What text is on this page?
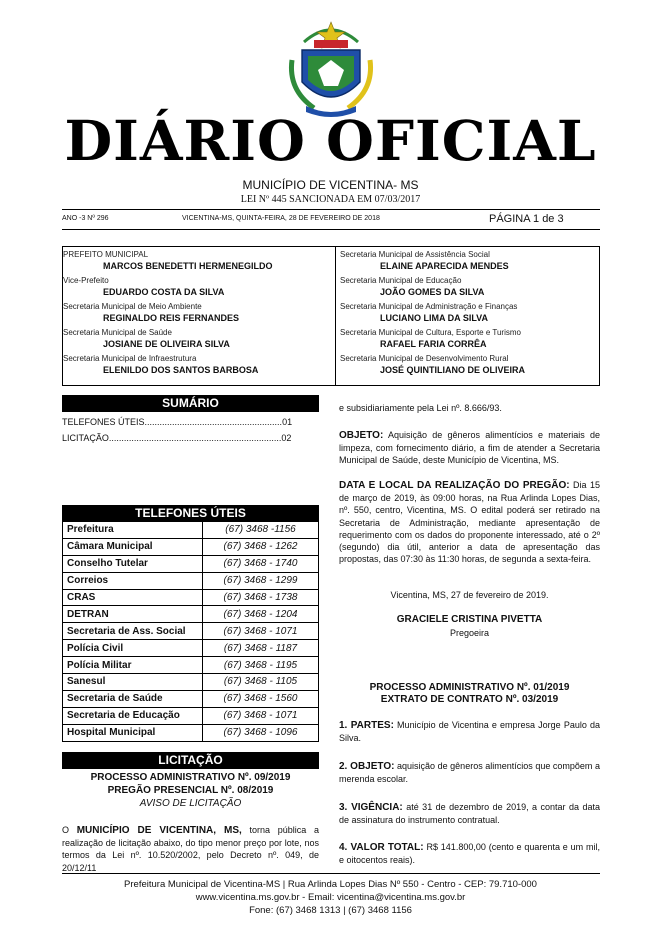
DIÁRIO OFICIAL
MUNICÍPIO DE VICENTINA- MS
LEI Nº 445 SANCIONADA EM 07/03/2017
ANO -3 Nº 296	VICENTINA-MS, QUINTA-FEIRA, 28 DE FEVEREIRO DE 2018	PÁGINA 1 de 3
PREFEITO MUNICIPAL
MARCOS BENEDETTI HERMENEGILDO
Vice-Prefeito
EDUARDO COSTA DA SILVA
Secretaria Municipal de Meio Ambiente
REGINALDO REIS FERNANDES
Secretaria Municipal de Saúde
JOSIANE DE OLIVEIRA SILVA
Secretaria Municipal de Infraestrutura
ELENILDO DOS SANTOS BARBOSA
Secretaria Municipal de Assistência Social
ELAINE APARECIDA MENDES
Secretaria Municipal de Educação
JOÃO GOMES DA SILVA
Secretaria Municipal de Administração e Finanças
LUCIANO LIMA DA SILVA
Secretaria Municipal de Cultura, Esporte e Turismo
RAFAEL FARIA CORRÊA
Secretaria Municipal de Desenvolvimento Rural
JOSÉ QUINTILIANO DE OLIVEIRA
SUMÁRIO
TELEFONES ÚTEIS.......................................................01
LICITAÇÃO.....................................................................02
TELEFONES ÚTEIS
Prefeitura	(67) 3468 -1156
Câmara Municipal	(67) 3468 - 1262
Conselho Tutelar	(67) 3468 - 1740
Correios	(67) 3468 - 1299
CRAS	(67) 3468 - 1738
DETRAN	(67) 3468 - 1204
Secretaria de Ass. Social	(67) 3468 - 1071
Polícia Civil	(67) 3468 - 1187
Polícia Militar	(67) 3468 - 1195
Sanesul	(67) 3468 - 1105
Secretaria de Saúde	(67) 3468 - 1560
Secretaria de Educação	(67) 3468 - 1071
Hospital Municipal	(67) 3468 - 1096
LICITAÇÃO
PROCESSO ADMINISTRATIVO Nº. 09/2019
PREGÃO PRESENCIAL Nº. 08/2019
AVISO DE LICITAÇÃO
O MUNICÍPIO DE VICENTINA, MS, torna pública a realização de licitação abaixo, do tipo menor preço por lote, nos termos da Lei nº. 10.520/2002, pelo Decreto nº. 049, de 20/12/11
e subsidiariamente pela Lei nº. 8.666/93.
OBJETO: Aquisição de gêneros alimentícios e materiais de limpeza, com fornecimento diário, a fim de atender a Secretaria Municipal de Saúde, deste Município de Vicentina, MS.
DATA E LOCAL DA REALIZAÇÃO DO PREGÃO: Dia 15 de março de 2019, às 09:00 horas, na Rua Arlinda Lopes Dias, nº. 550, centro, Vicentina, MS. O edital poderá ser retirado na Secretaria de Administração, mediante apresentação de requerimento com os dados do proponente interessado, até o 2º (segundo) dia útil, anterior a data de apresentação das propostas, das 07:30 às 11:30 horas, de segunda a sexta-feira.
Vicentina, MS, 27 de fevereiro de 2019.
GRACIELE CRISTINA PIVETTA
Pregoeira
PROCESSO ADMINISTRATIVO Nº. 01/2019
EXTRATO DE CONTRATO Nº. 03/2019
1. PARTES: Município de Vicentina e empresa Jorge Paulo da Silva.
2. OBJETO: aquisição de gêneros alimentícios que compõem a merenda escolar.
3. VIGÊNCIA: até 31 de dezembro de 2019, a contar da data de assinatura do instrumento contratual.
4. VALOR TOTAL: R$ 141.800,00 (cento e quarenta e um mil, e oitocentos reais).
Prefeitura Municipal de Vicentina-MS | Rua Arlinda Lopes Dias Nº 550 - Centro - CEP: 79.710-000
www.vicentina.ms.gov.br - Email: vicentina@vicentina.ms.gov.br
Fone: (67) 3468 1313 | (67) 3468 1156
